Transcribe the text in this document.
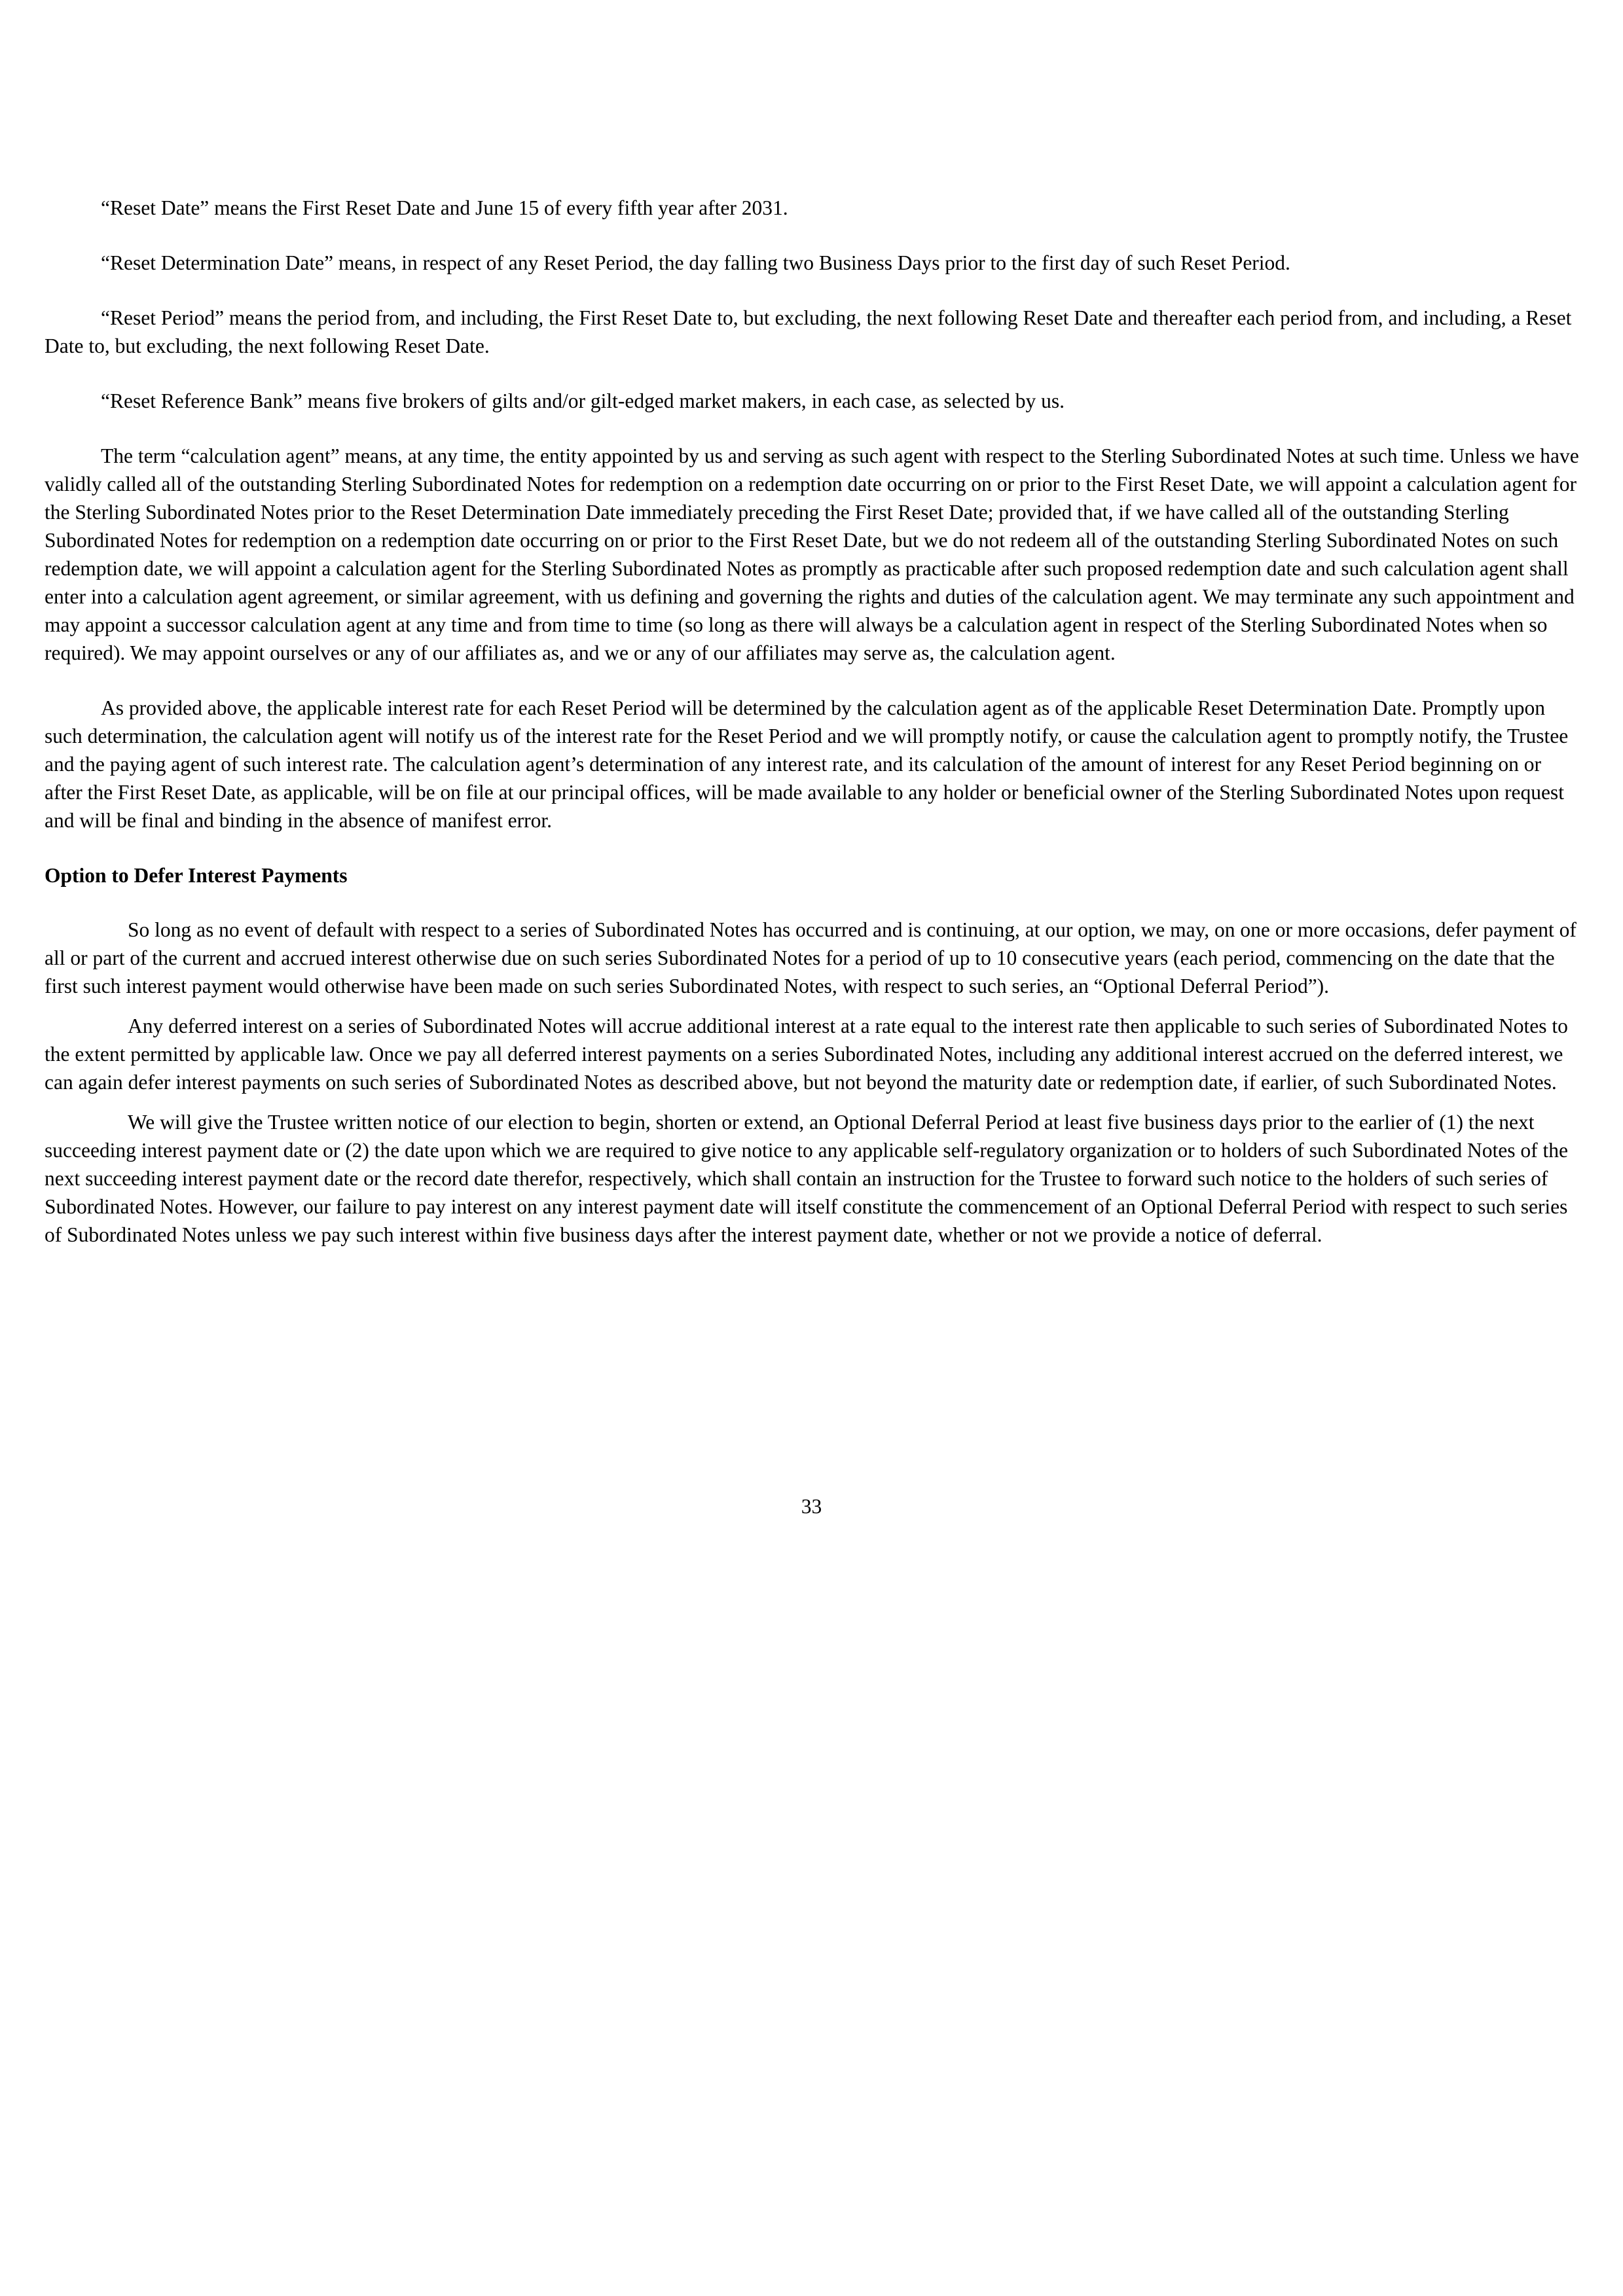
“Reset Date” means the First Reset Date and June 15 of every fifth year after 2031.

“Reset Determination Date” means, in respect of any Reset Period, the day falling two Business Days prior to the first day of such Reset Period.

“Reset Period” means the period from, and including, the First Reset Date to, but excluding, the next following Reset Date and thereafter each period from, and including, a Reset Date to, but excluding, the next following Reset Date.

“Reset Reference Bank” means five brokers of gilts and/or gilt-edged market makers, in each case, as selected by us.

The term “calculation agent” means, at any time, the entity appointed by us and serving as such agent with respect to the Sterling Subordinated Notes at such time. Unless we have validly called all of the outstanding Sterling Subordinated Notes for redemption on a redemption date occurring on or prior to the First Reset Date, we will appoint a calculation agent for the Sterling Subordinated Notes prior to the Reset Determination Date immediately preceding the First Reset Date; provided that, if we have called all of the outstanding Sterling Subordinated Notes for redemption on a redemption date occurring on or prior to the First Reset Date, but we do not redeem all of the outstanding Sterling Subordinated Notes on such redemption date, we will appoint a calculation agent for the Sterling Subordinated Notes as promptly as practicable after such proposed redemption date and such calculation agent shall enter into a calculation agent agreement, or similar agreement, with us defining and governing the rights and duties of the calculation agent. We may terminate any such appointment and may appoint a successor calculation agent at any time and from time to time (so long as there will always be a calculation agent in respect of the Sterling Subordinated Notes when so required). We may appoint ourselves or any of our affiliates as, and we or any of our affiliates may serve as, the calculation agent.

As provided above, the applicable interest rate for each Reset Period will be determined by the calculation agent as of the applicable Reset Determination Date. Promptly upon such determination, the calculation agent will notify us of the interest rate for the Reset Period and we will promptly notify, or cause the calculation agent to promptly notify, the Trustee and the paying agent of such interest rate. The calculation agent’s determination of any interest rate, and its calculation of the amount of interest for any Reset Period beginning on or after the First Reset Date, as applicable, will be on file at our principal offices, will be made available to any holder or beneficial owner of the Sterling Subordinated Notes upon request and will be final and binding in the absence of manifest error.

Option to Defer Interest Payments

So long as no event of default with respect to a series of Subordinated Notes has occurred and is continuing, at our option, we may, on one or more occasions, defer payment of all or part of the current and accrued interest otherwise due on such series Subordinated Notes for a period of up to 10 consecutive years (each period, commencing on the date that the first such interest payment would otherwise have been made on such series Subordinated Notes, with respect to such series, an “Optional Deferral Period”).

Any deferred interest on a series of Subordinated Notes will accrue additional interest at a rate equal to the interest rate then applicable to such series of Subordinated Notes to the extent permitted by applicable law. Once we pay all deferred interest payments on a series Subordinated Notes, including any additional interest accrued on the deferred interest, we can again defer interest payments on such series of Subordinated Notes as described above, but not beyond the maturity date or redemption date, if earlier, of such Subordinated Notes.

We will give the Trustee written notice of our election to begin, shorten or extend, an Optional Deferral Period at least five business days prior to the earlier of (1) the next succeeding interest payment date or (2) the date upon which we are required to give notice to any applicable self-regulatory organization or to holders of such Subordinated Notes of the next succeeding interest payment date or the record date therefor, respectively, which shall contain an instruction for the Trustee to forward such notice to the holders of such series of Subordinated Notes. However, our failure to pay interest on any interest payment date will itself constitute the commencement of an Optional Deferral Period with respect to such series of Subordinated Notes unless we pay such interest within five business days after the interest payment date, whether or not we provide a notice of deferral.

33
